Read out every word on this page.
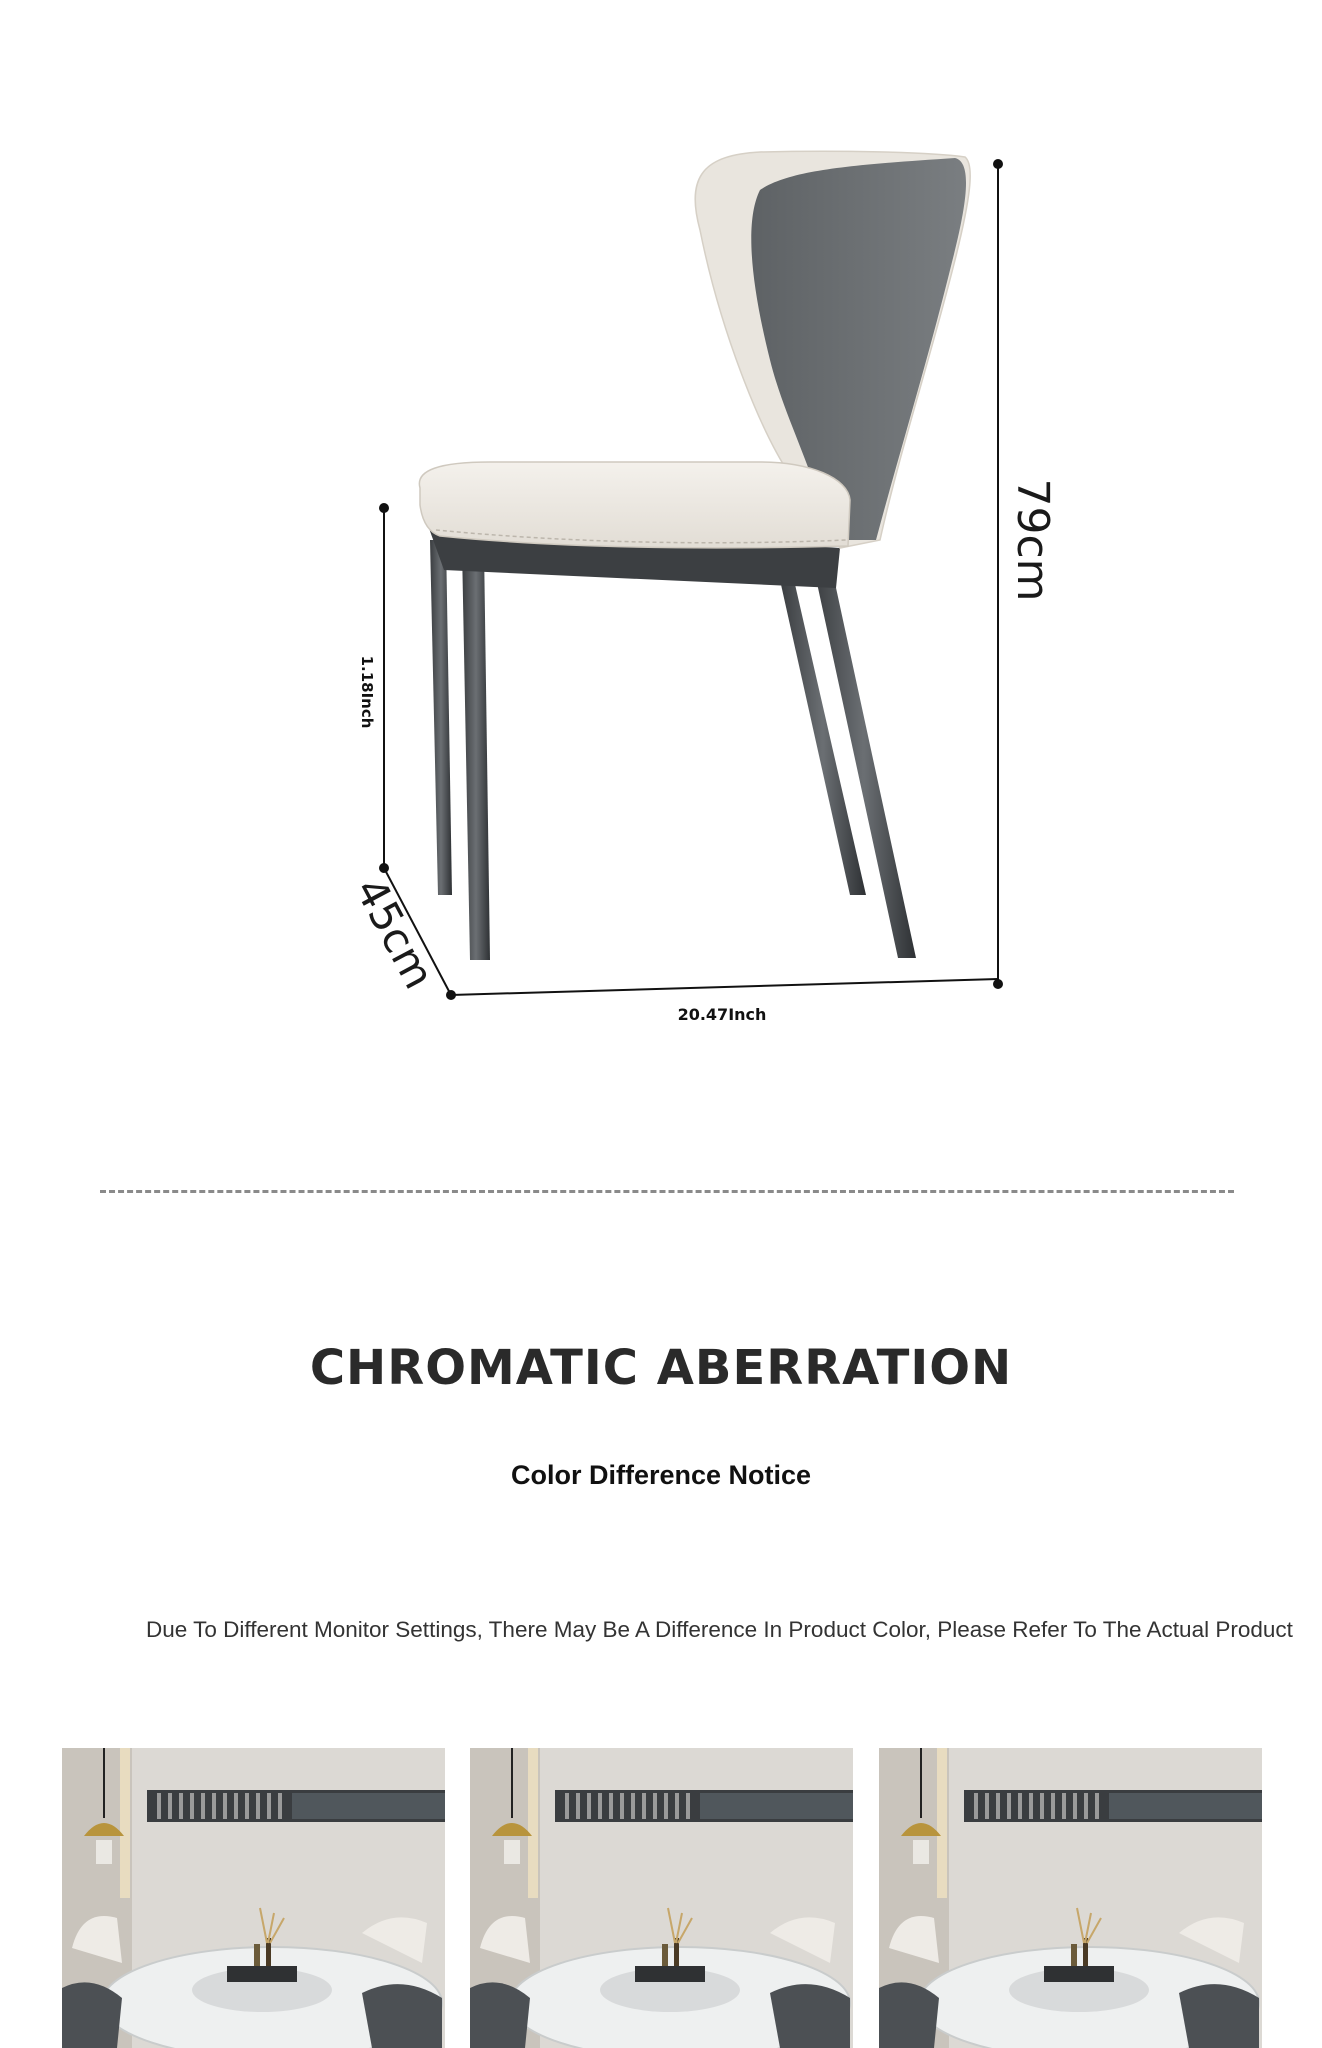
79cm
45cm
1.18Inch
20.47Inch
CHROMATIC ABERRATION
Color Difference Notice
Due To Different Monitor Settings, There May Be A Difference In Product Color, Please Refer To The Actual Product
